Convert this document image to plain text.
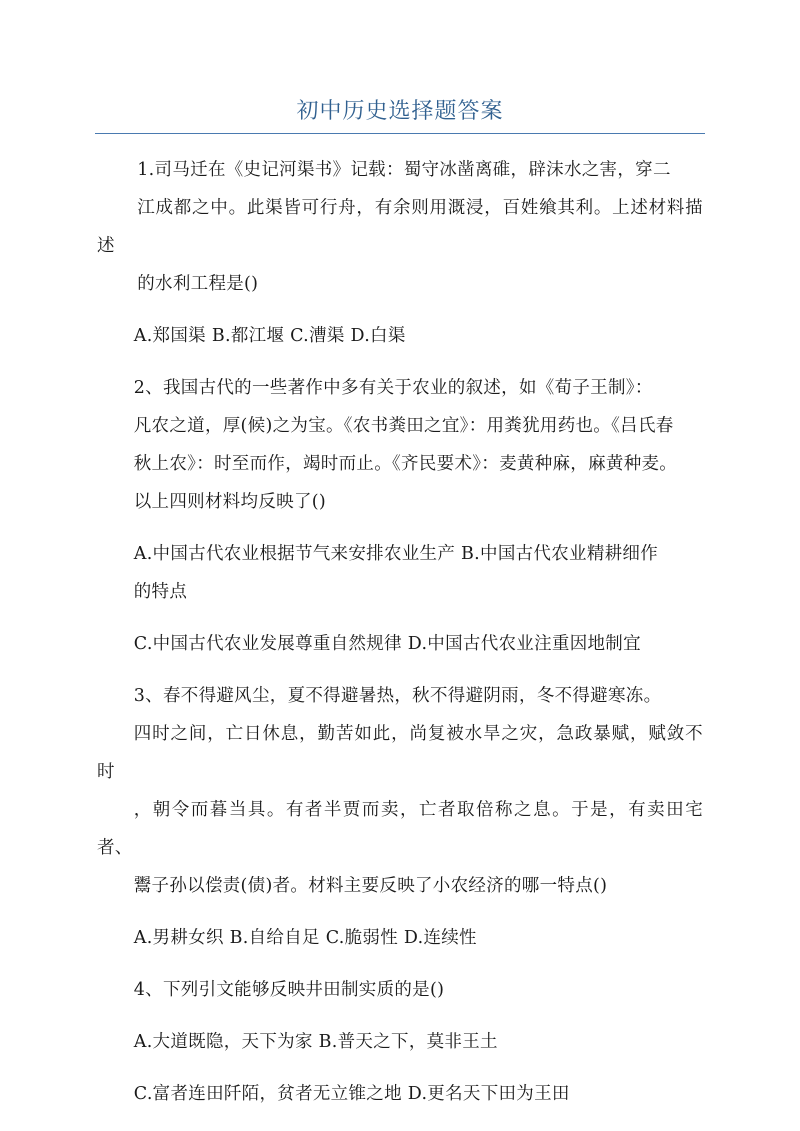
初中历史选择题答案

1.司马迁在《史记河渠书》记载：蜀守冰凿离碓，辟沫水之害，穿二
江成都之中。此渠皆可行舟，有余则用溉浸，百姓飨其利。上述材料描述
的水利工程是()

A.郑国渠 B.都江堰 C.漕渠 D.白渠

2、我国古代的一些著作中多有关于农业的叙述，如《荀子王制》：
凡农之道，厚(候)之为宝。《农书粪田之宜》：用粪犹用药也。《吕氏春
秋上农》：时至而作，竭时而止。《齐民要术》：麦黄种麻，麻黄种麦。
以上四则材料均反映了()

A.中国古代农业根据节气来安排农业生产 B.中国古代农业精耕细作
的特点

C.中国古代农业发展尊重自然规律 D.中国古代农业注重因地制宜

3、春不得避风尘，夏不得避暑热，秋不得避阴雨，冬不得避寒冻。
四时之间，亡日休息，勤苦如此，尚复被水旱之灾，急政暴赋，赋敛不时
，朝令而暮当具。有者半贾而卖，亡者取倍称之息。于是，有卖田宅者、
鬻子孙以偿责(债)者。材料主要反映了小农经济的哪一特点()

A.男耕女织 B.自给自足 C.脆弱性 D.连续性

4、下列引文能够反映井田制实质的是()

A.大道既隐，天下为家 B.普天之下，莫非王土

C.富者连田阡陌，贫者无立锥之地 D.更名天下田为王田
